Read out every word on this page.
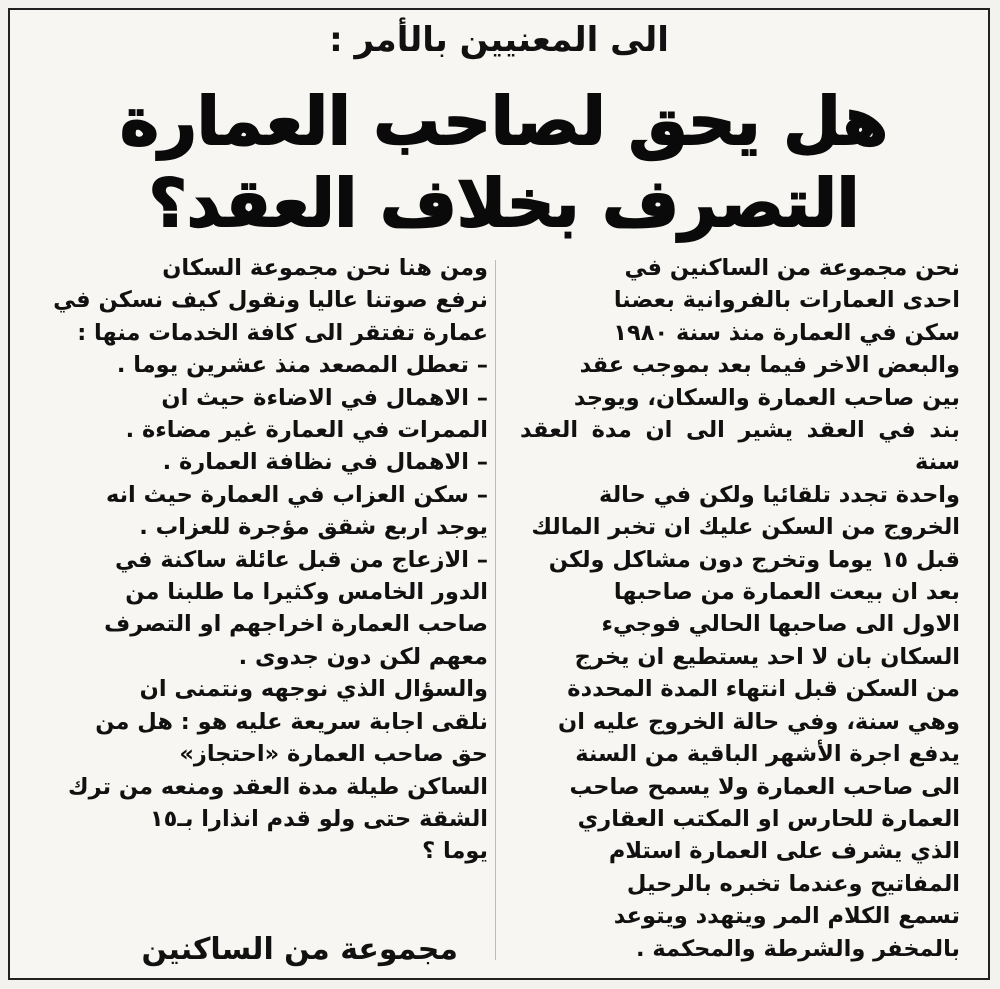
الى المعنيين بالأمر :
هل يحق لصاحب العمارة
التصرف بخلاف العقد؟
نحن مجموعة من الساكنين في
احدى العمارات بالفروانية بعضنا
سكن في العمارة منذ سنة ١٩٨٠
والبعض الاخر فيما بعد بموجب عقد
بين صاحب العمارة والسكان، ويوجد
بند في العقد يشير الى ان مدة العقد سنة
واحدة تجدد تلقائيا ولكن في حالة
الخروج من السكن عليك ان تخبر المالك
قبل ١٥ يوما وتخرج دون مشاكل ولكن
بعد ان بيعت العمارة من صاحبها
الاول الى صاحبها الحالي فوجيء
السكان بان لا احد يستطيع ان يخرج
من السكن قبل انتهاء المدة المحددة
وهي سنة، وفي حالة الخروج عليه ان
يدفع اجرة الأشهر الباقية من السنة
الى صاحب العمارة ولا يسمح صاحب
العمارة للحارس او المكتب العقاري
الذي يشرف على العمارة استلام
المفاتيح وعندما تخبره بالرحيل
تسمع الكلام المر ويتهدد ويتوعد
بالمخفر والشرطة والمحكمة .
ومن هنا نحن مجموعة السكان
نرفع صوتنا عاليا ونقول كيف نسكن في
عمارة تفتقر الى كافة الخدمات منها :
– تعطل المصعد منذ عشرين يوما .
– الاهمال في الاضاءة حيث ان
الممرات في العمارة غير مضاءة .
– الاهمال في نظافة العمارة .
– سكن العزاب في العمارة حيث انه
يوجد اربع شقق مؤجرة للعزاب .
– الازعاج من قبل عائلة ساكنة في
الدور الخامس وكثيرا ما طلبنا من
صاحب العمارة اخراجهم او التصرف
معهم لكن دون جدوى .
والسؤال الذي نوجهه ونتمنى ان
نلقى اجابة سريعة عليه هو : هل من
حق صاحب العمارة «احتجاز»
الساكن طيلة مدة العقد ومنعه من ترك
الشقة حتى ولو قدم انذارا بـ١٥
يوما ؟
مجموعة من الساكنين
